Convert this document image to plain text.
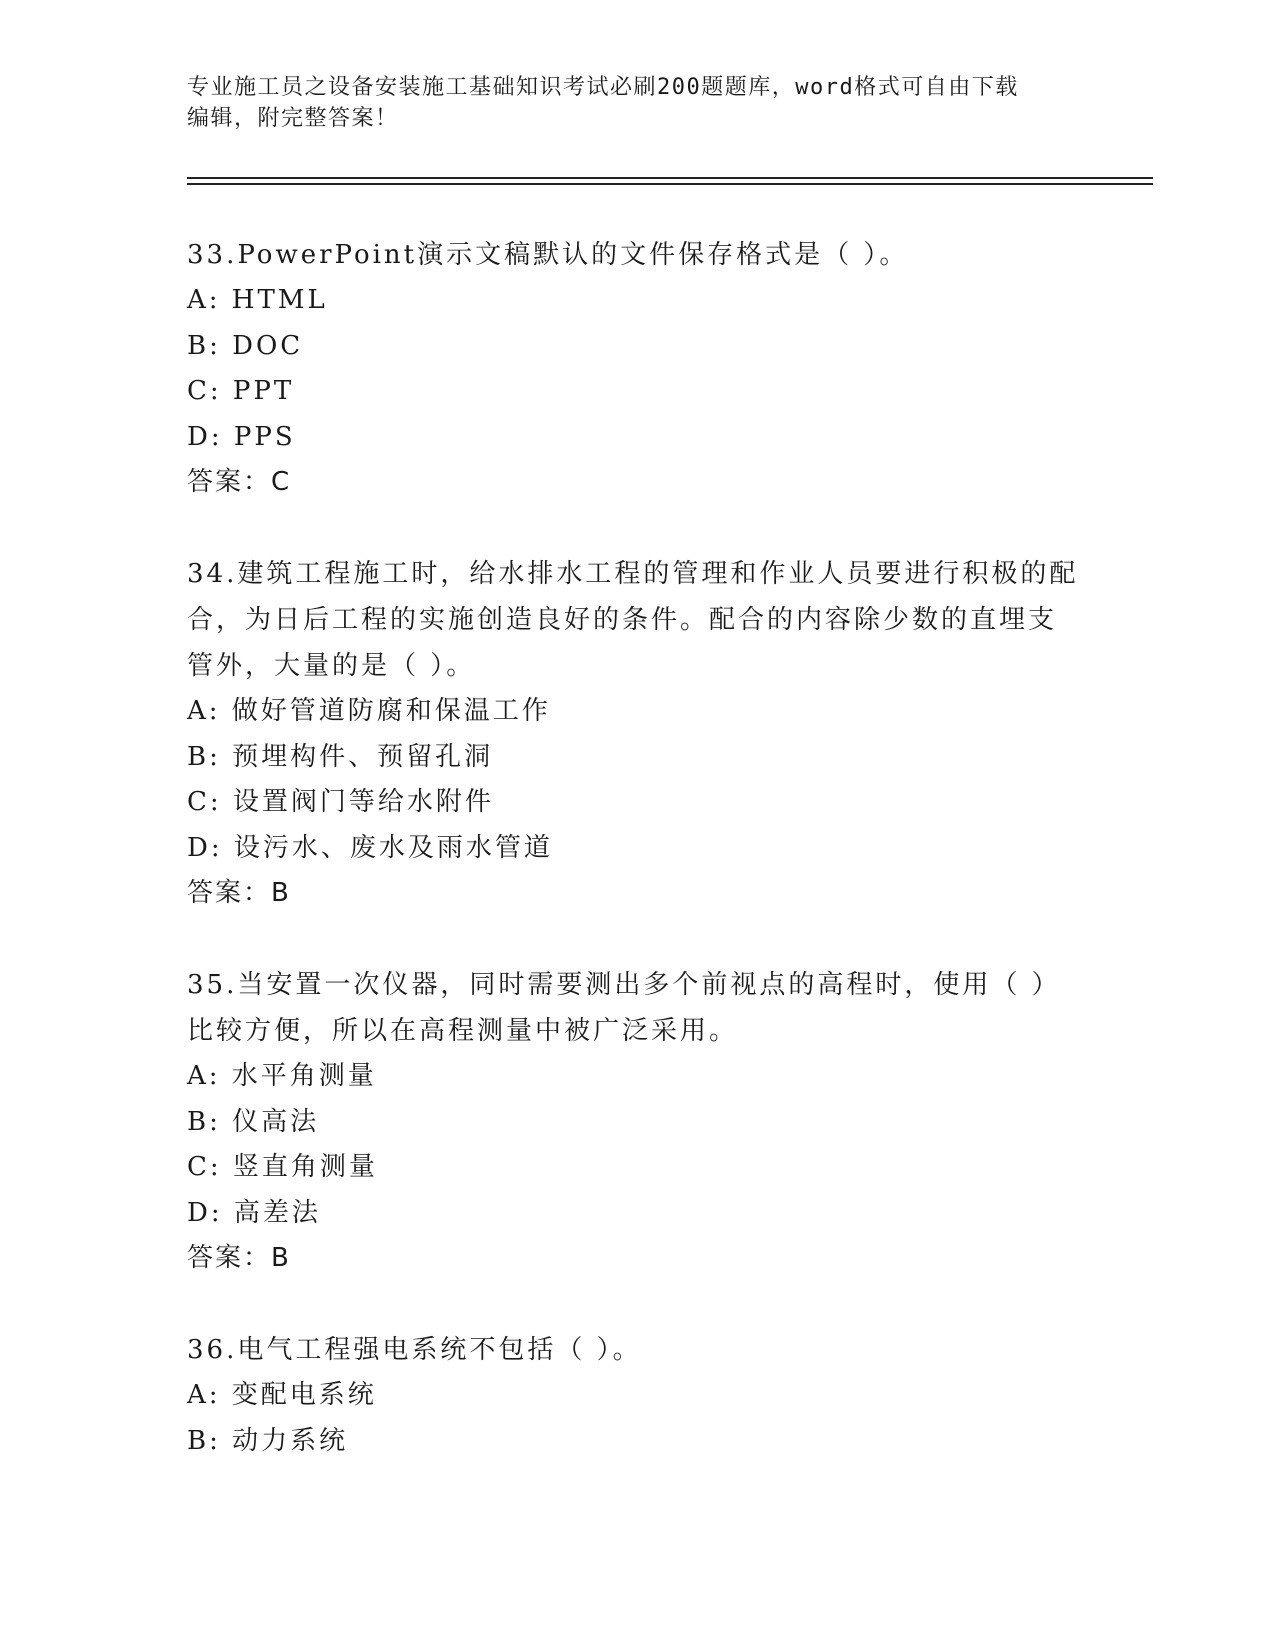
专业施工员之设备安装施工基础知识考试必刷200题题库，word格式可自由下载
编辑，附完整答案！

33.PowerPoint演示文稿默认的文件保存格式是（ ）。

A: HTML

B: DOC

C: PPT

D: PPS

答案：C

34.建筑工程施工时，给水排水工程的管理和作业人员要进行积极的配

合，为日后工程的实施创造良好的条件。配合的内容除少数的直埋支

管外，大量的是（ ）。

A: 做好管道防腐和保温工作

B: 预埋构件、预留孔洞

C: 设置阀门等给水附件

D: 设污水、废水及雨水管道

答案：B

35.当安置一次仪器，同时需要测出多个前视点的高程时，使用（ ）

比较方便，所以在高程测量中被广泛采用。

A: 水平角测量

B: 仪高法

C: 竖直角测量

D: 高差法

答案：B

36.电气工程强电系统不包括（ ）。

A: 变配电系统

B: 动力系统
